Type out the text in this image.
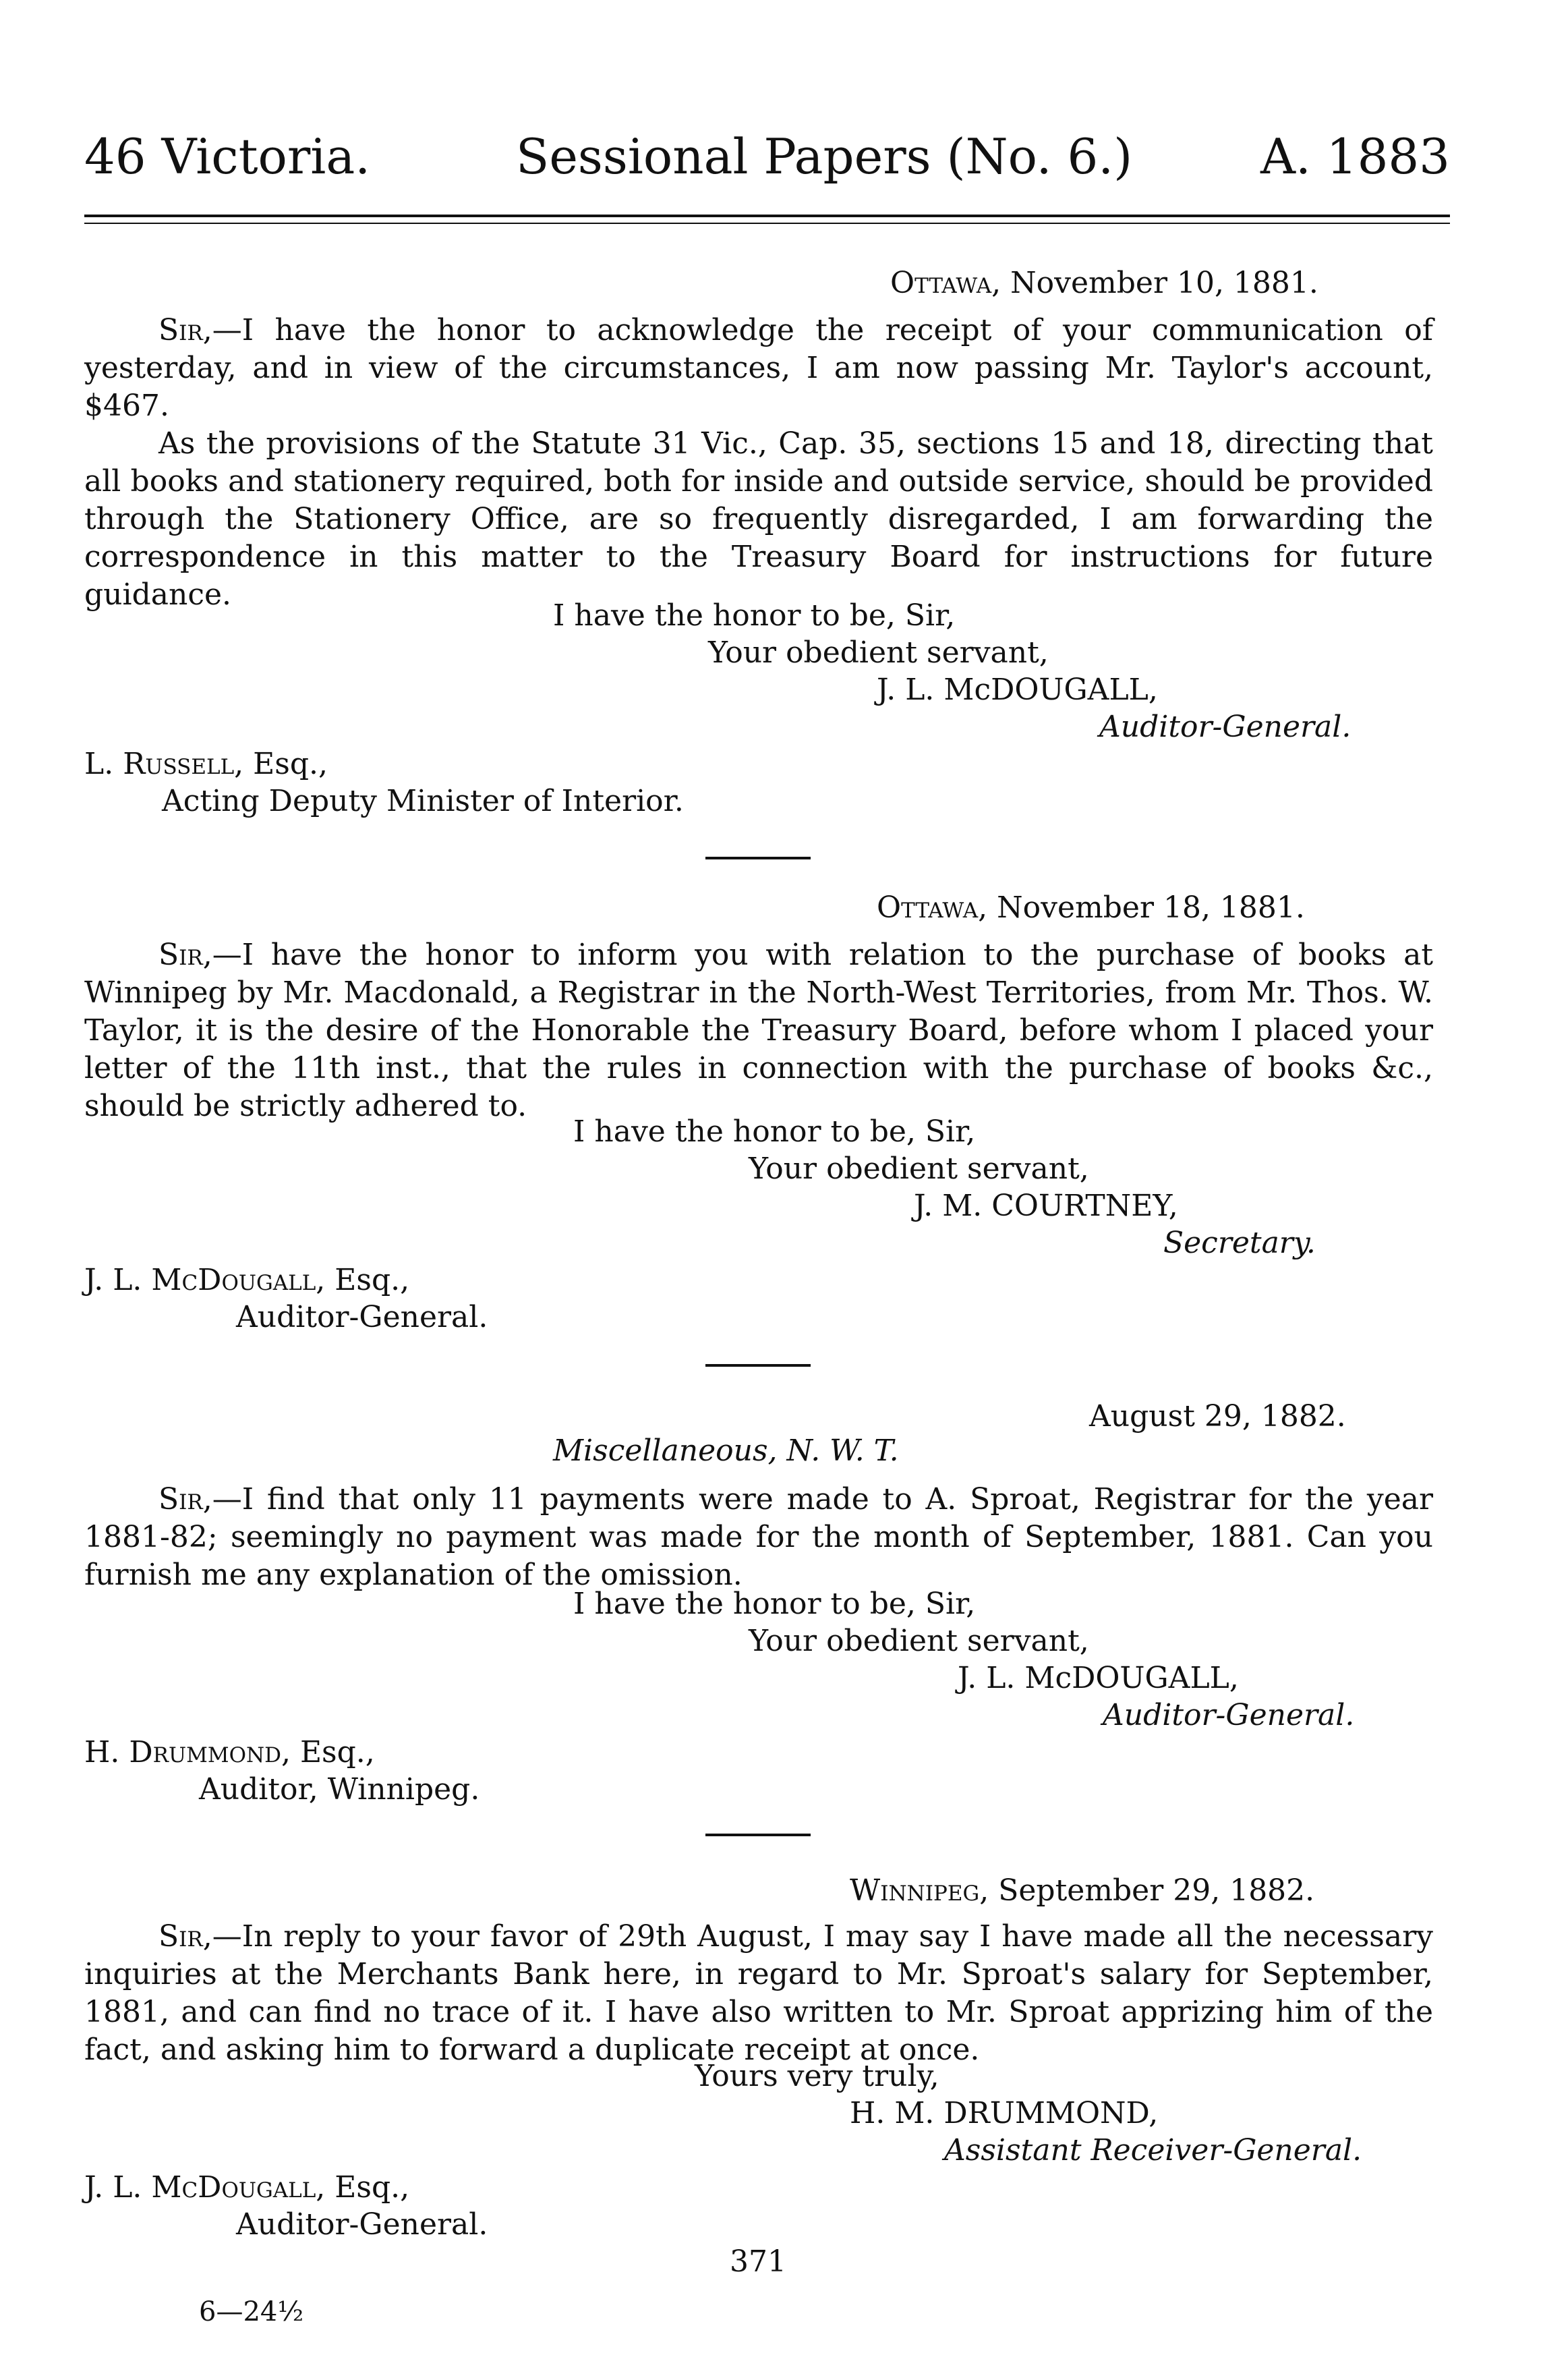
46 Victoria.	Sessional Papers (No. 6.)	A. 1883
Ottawa, November 10, 1881.
Sir,—I have the honor to acknowledge the receipt of your communication of yesterday, and in view of the circumstances, I am now passing Mr. Taylor's account, $467.
As the provisions of the Statute 31 Vic., Cap. 35, sections 15 and 18, directing that all books and stationery required, both for inside and outside service, should be provided through the Stationery Office, are so frequently disregarded, I am forwarding the correspondence in this matter to the Treasury Board for instructions for future guidance.
I have the honor to be, Sir,
Your obedient servant,
J. L. McDOUGALL,
Auditor-General.
L. Russell, Esq.,
Acting Deputy Minister of Interior.
Ottawa, November 18, 1881.
Sir,—I have the honor to inform you with relation to the purchase of books at Winnipeg by Mr. Macdonald, a Registrar in the North-West Territories, from Mr. Thos. W. Taylor, it is the desire of the Honorable the Treasury Board, before whom I placed your letter of the 11th inst., that the rules in connection with the purchase of books &c., should be strictly adhered to.
I have the honor to be, Sir,
Your obedient servant,
J. M. COURTNEY,
Secretary.
J. L. McDougall, Esq.,
Auditor-General.
August 29, 1882.
Miscellaneous, N. W. T.
Sir,—I find that only 11 payments were made to A. Sproat, Registrar for the year 1881-82; seemingly no payment was made for the month of September, 1881. Can you furnish me any explanation of the omission.
I have the honor to be, Sir,
Your obedient servant,
J. L. McDOUGALL,
Auditor-General.
H. Drummond, Esq.,
Auditor, Winnipeg.
Winnipeg, September 29, 1882.
Sir,—In reply to your favor of 29th August, I may say I have made all the necessary inquiries at the Merchants Bank here, in regard to Mr. Sproat's salary for September, 1881, and can find no trace of it. I have also written to Mr. Sproat apprizing him of the fact, and asking him to forward a duplicate receipt at once.
Yours very truly,
H. M. DRUMMOND,
Assistant Receiver-General.
J. L. McDougall, Esq.,
Auditor-General.
371
6—24½
